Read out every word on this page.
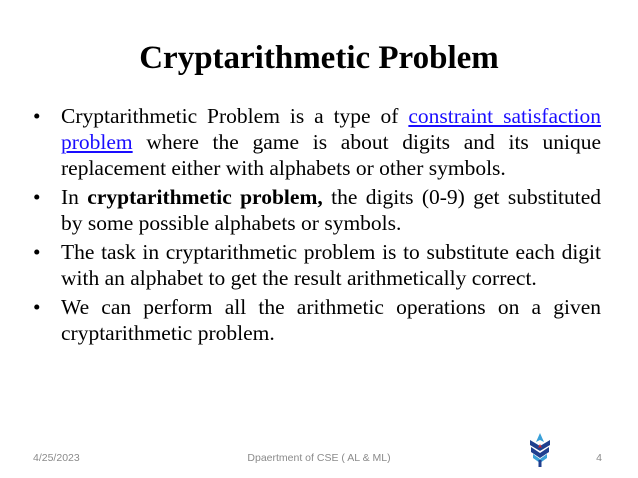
Cryptarithmetic Problem
• Cryptarithmetic Problem is a type of constraint satisfaction problem where the game is about digits and its unique replacement either with alphabets or other symbols.
• In cryptarithmetic problem, the digits (0-9) get substituted by some possible alphabets or symbols.
• The task in cryptarithmetic problem is to substitute each digit with an alphabet to get the result arithmetically correct.
• We can perform all the arithmetic operations on a given cryptarithmetic problem.
4/25/2023	Dpaertment of CSE ( AL & ML)	4
